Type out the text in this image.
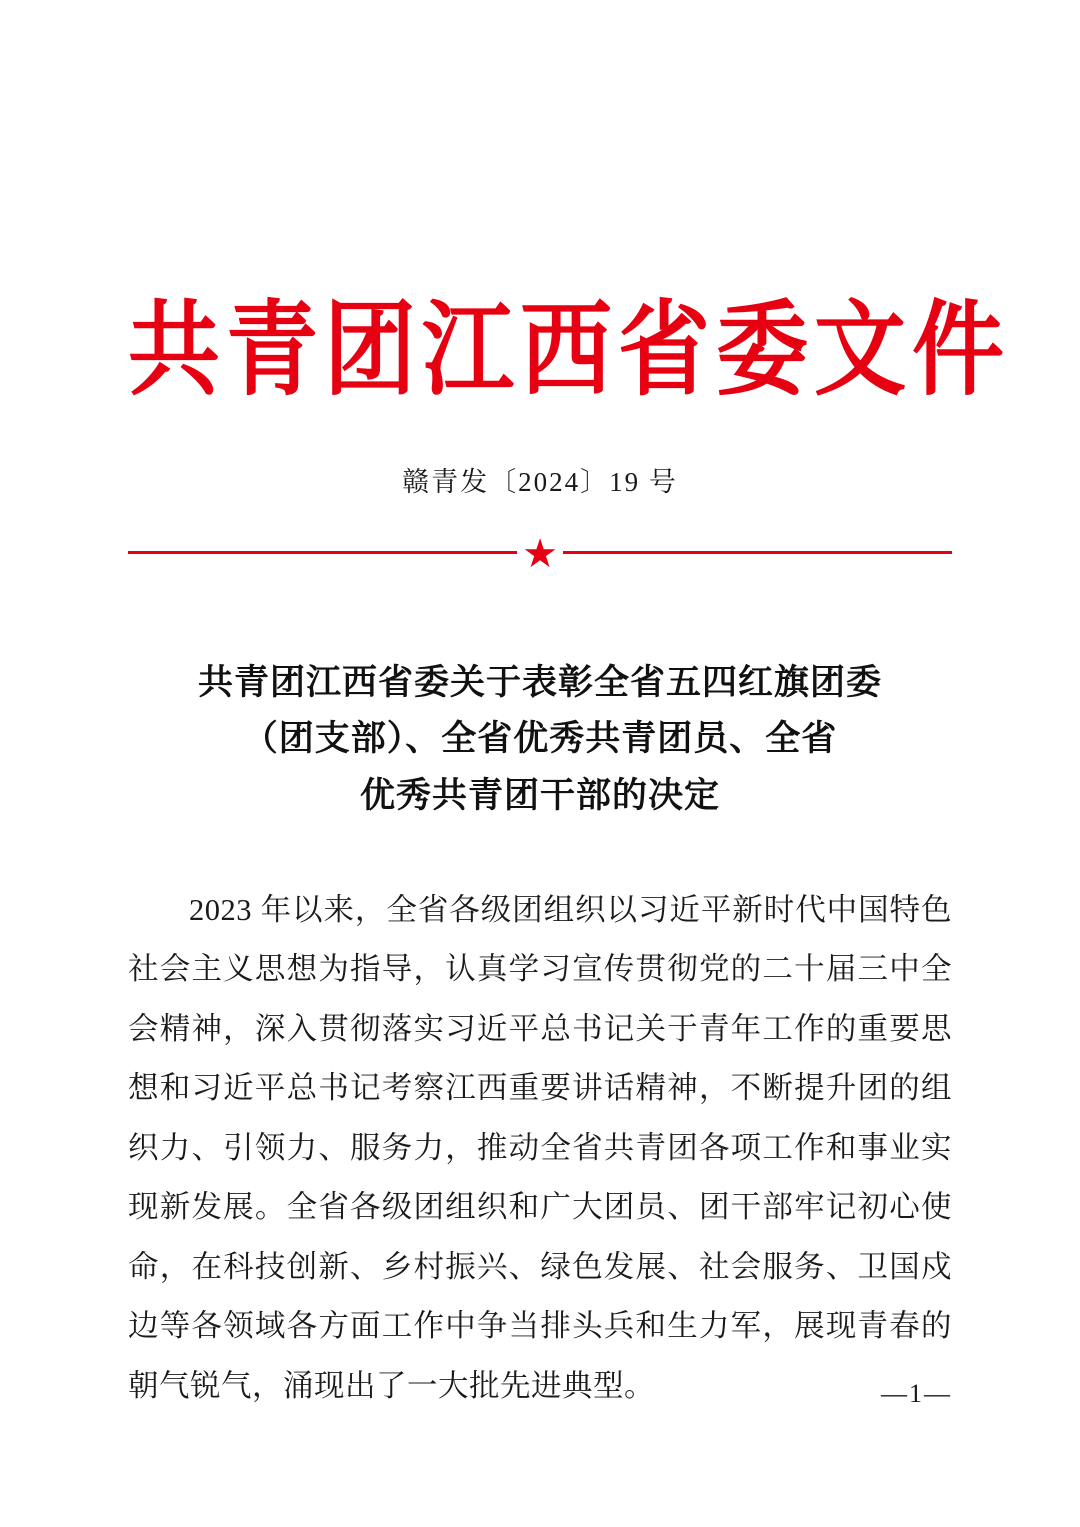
共青团江西省委文件
赣青发〔2024〕19 号
★
共青团江西省委关于表彰全省五四红旗团委
（团支部）、全省优秀共青团员、全省
优秀共青团干部的决定

2023 年以来，全省各级团组织以习近平新时代中国特色社会主义思想为指导，认真学习宣传贯彻党的二十届三中全会精神，深入贯彻落实习近平总书记关于青年工作的重要思想和习近平总书记考察江西重要讲话精神，不断提升团的组织力、引领力、服务力，推动全省共青团各项工作和事业实现新发展。全省各级团组织和广大团员、团干部牢记初心使命，在科技创新、乡村振兴、绿色发展、社会服务、卫国戍边等各领域各方面工作中争当排头兵和生力军，展现青春的朝气锐气，涌现出了一大批先进典型。	—1—
